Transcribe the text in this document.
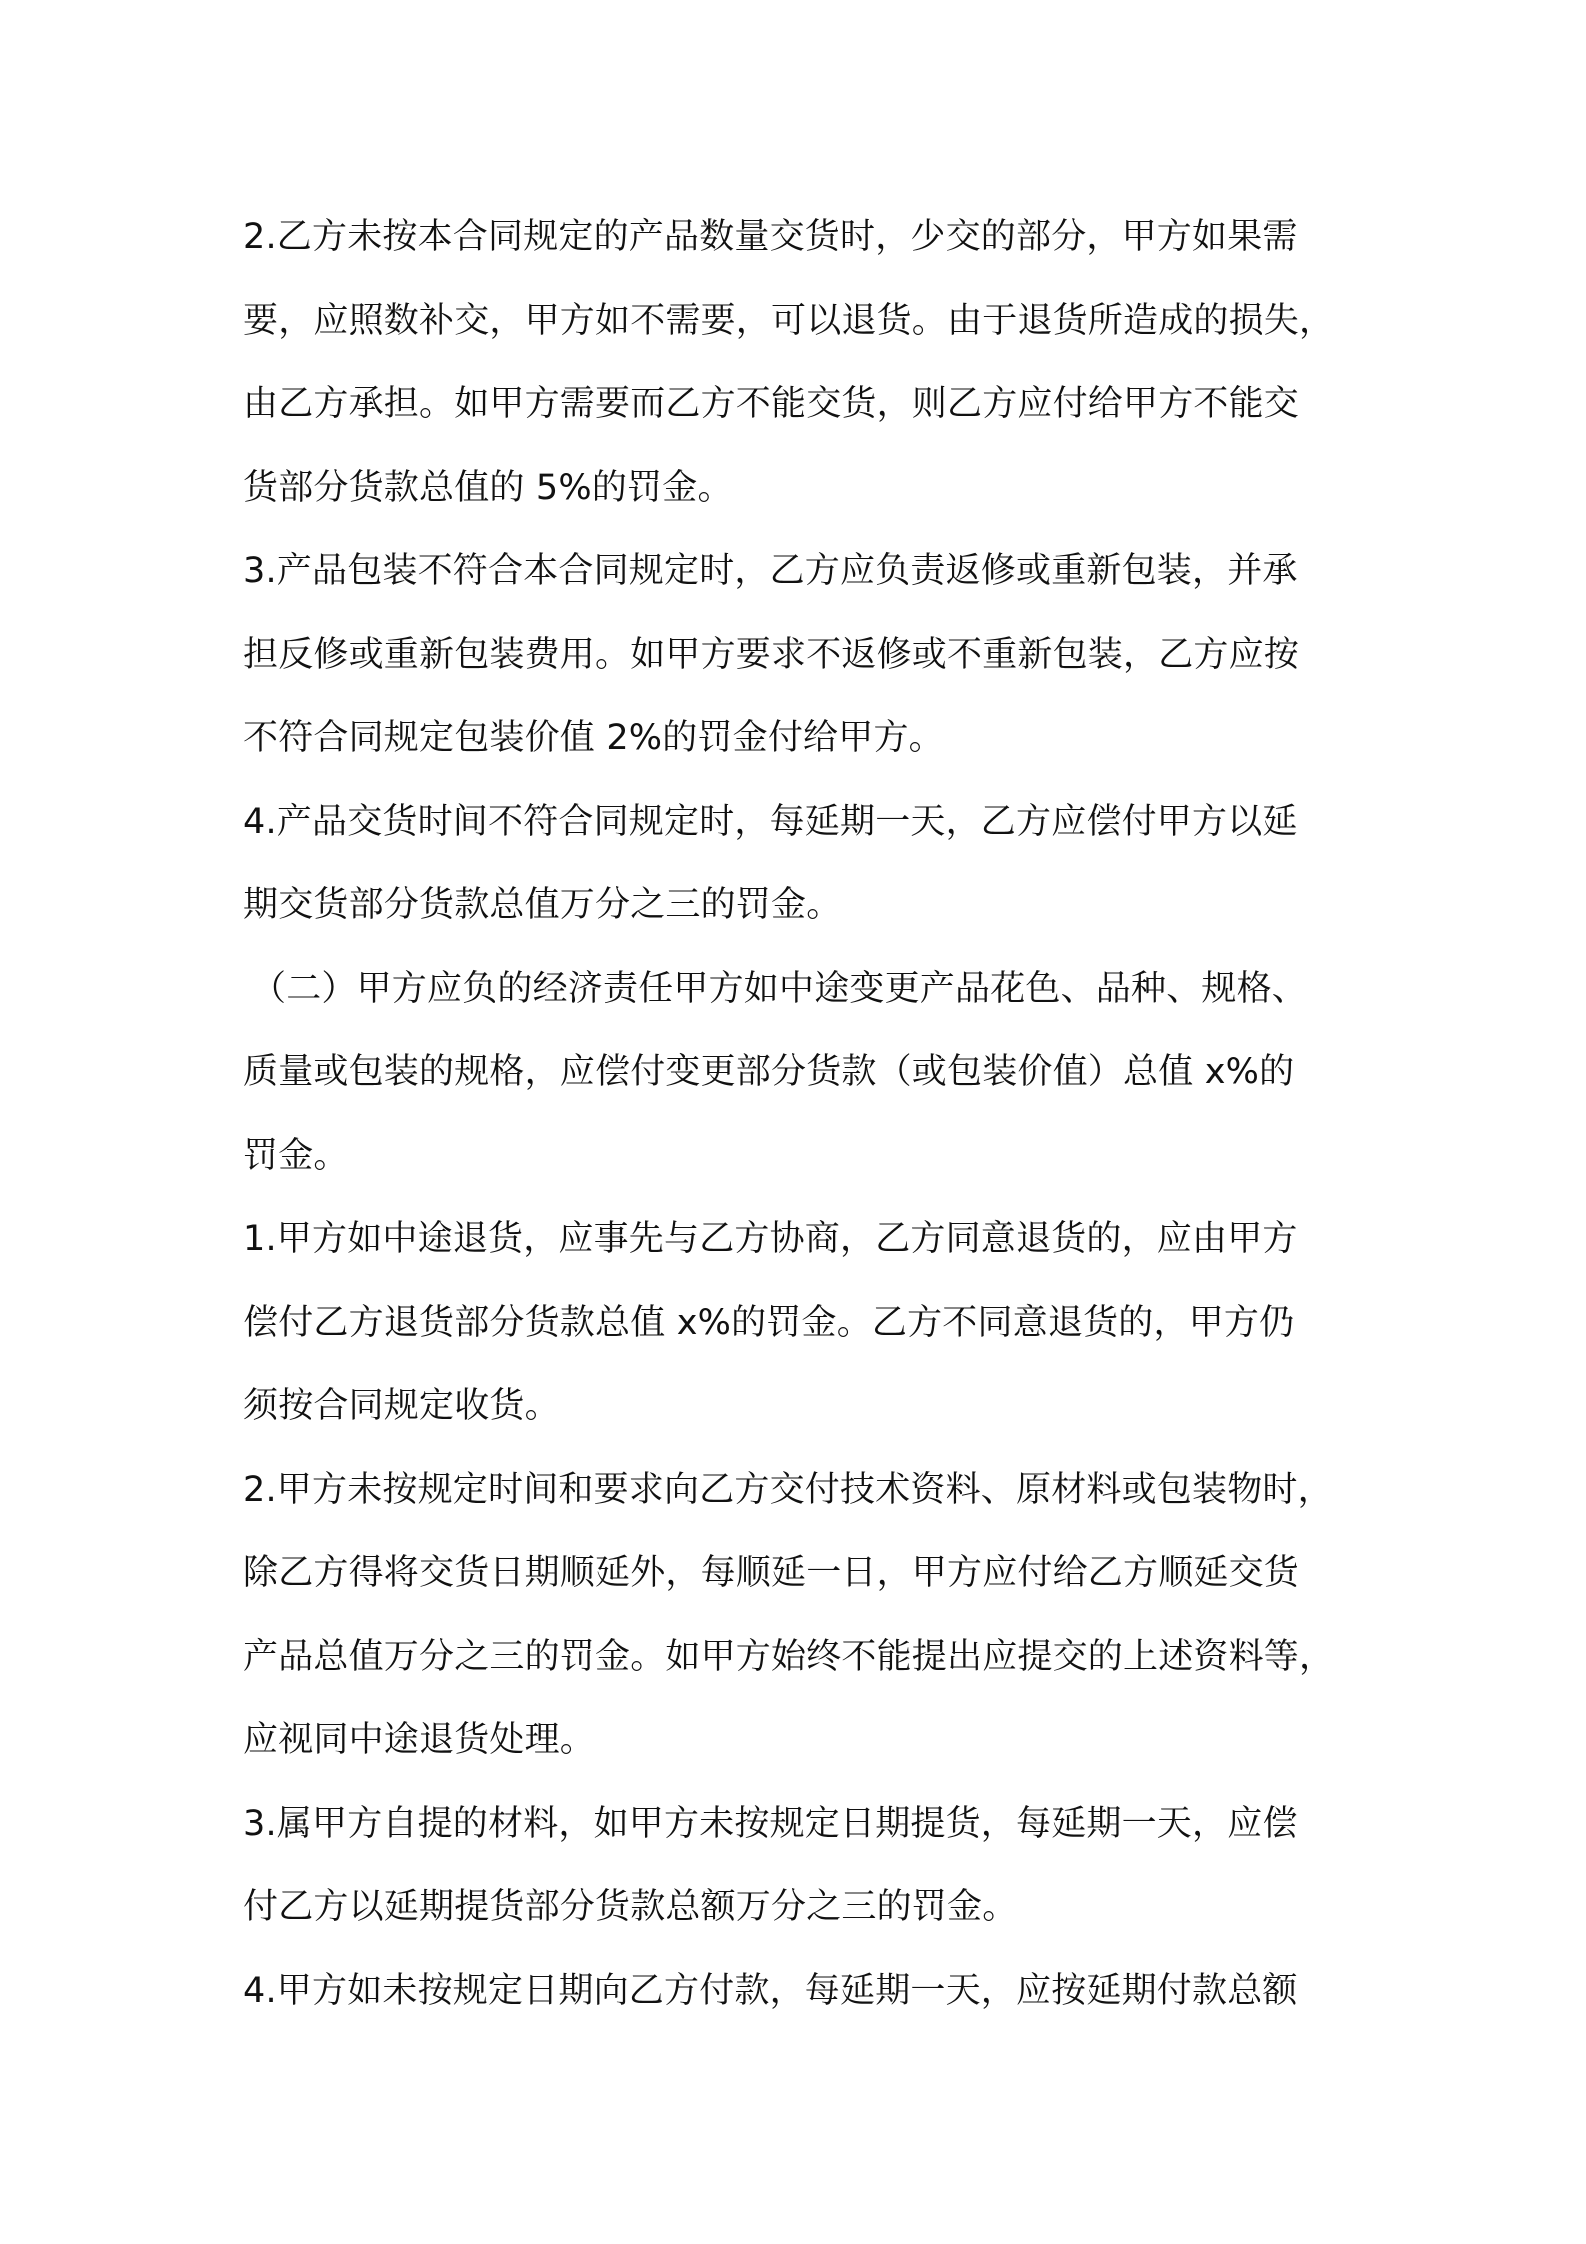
2.乙方未按本合同规定的产品数量交货时，少交的部分，甲方如果需
要，应照数补交，甲方如不需要，可以退货。由于退货所造成的损失，
由乙方承担。如甲方需要而乙方不能交货，则乙方应付给甲方不能交
货部分货款总值的 5%的罚金。
3.产品包装不符合本合同规定时，乙方应负责返修或重新包装，并承
担反修或重新包装费用。如甲方要求不返修或不重新包装，乙方应按
不符合同规定包装价值 2%的罚金付给甲方。
4.产品交货时间不符合同规定时，每延期一天，乙方应偿付甲方以延
期交货部分货款总值万分之三的罚金。
（二）甲方应负的经济责任甲方如中途变更产品花色、品种、规格、
质量或包装的规格，应偿付变更部分货款（或包装价值）总值 x%的
罚金。
1.甲方如中途退货，应事先与乙方协商，乙方同意退货的，应由甲方
偿付乙方退货部分货款总值 x%的罚金。乙方不同意退货的，甲方仍
须按合同规定收货。
2.甲方未按规定时间和要求向乙方交付技术资料、原材料或包装物时，
除乙方得将交货日期顺延外，每顺延一日，甲方应付给乙方顺延交货
产品总值万分之三的罚金。如甲方始终不能提出应提交的上述资料等，
应视同中途退货处理。
3.属甲方自提的材料，如甲方未按规定日期提货，每延期一天，应偿
付乙方以延期提货部分货款总额万分之三的罚金。
4.甲方如未按规定日期向乙方付款，每延期一天，应按延期付款总额
